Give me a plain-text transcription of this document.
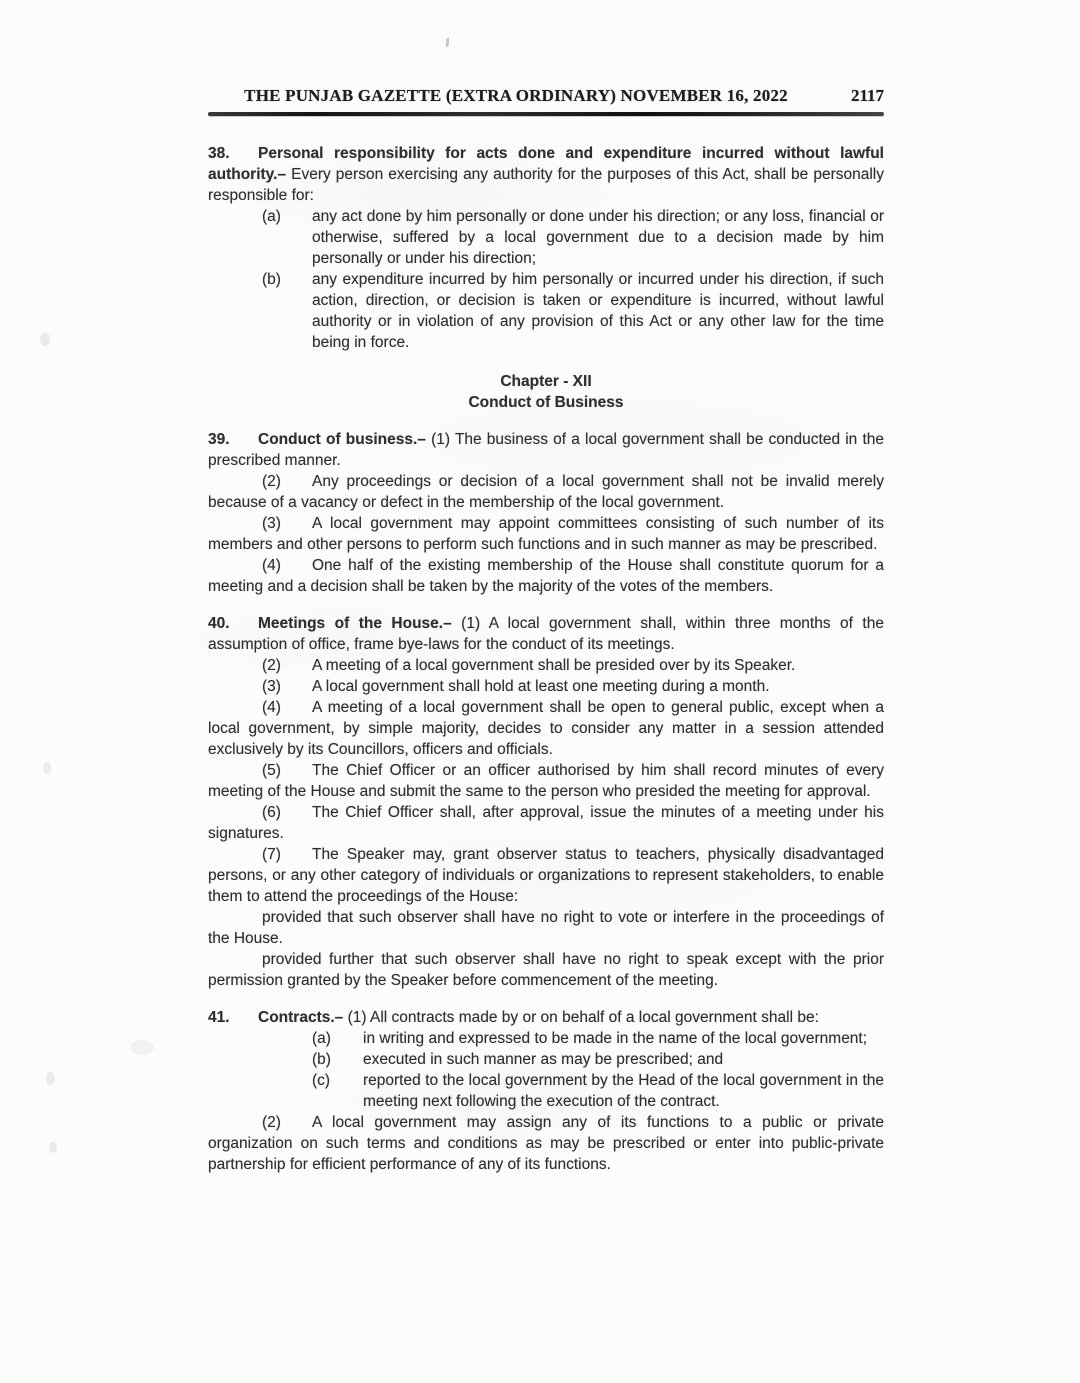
THE PUNJAB GAZETTE (EXTRA ORDINARY) NOVEMBER 16, 2022	2117

38. Personal responsibility for acts done and expenditure incurred without lawful authority.– Every person exercising any authority for the purposes of this Act, shall be personally responsible for:

(a) any act done by him personally or done under his direction; or any loss, financial or otherwise, suffered by a local government due to a decision made by him personally or under his direction;

(b) any expenditure incurred by him personally or incurred under his direction, if such action, direction, or decision is taken or expenditure is incurred, without lawful authority or in violation of any provision of this Act or any other law for the time being in force.

Chapter - XII

Conduct of Business

39. Conduct of business.– (1) The business of a local government shall be conducted in the prescribed manner.

(2) Any proceedings or decision of a local government shall not be invalid merely because of a vacancy or defect in the membership of the local government.

(3) A local government may appoint committees consisting of such number of its members and other persons to perform such functions and in such manner as may be prescribed.

(4) One half of the existing membership of the House shall constitute quorum for a meeting and a decision shall be taken by the majority of the votes of the members.

40. Meetings of the House.– (1) A local government shall, within three months of the assumption of office, frame bye-laws for the conduct of its meetings.

(2) A meeting of a local government shall be presided over by its Speaker.

(3) A local government shall hold at least one meeting during a month.

(4) A meeting of a local government shall be open to general public, except when a local government, by simple majority, decides to consider any matter in a session attended exclusively by its Councillors, officers and officials.

(5) The Chief Officer or an officer authorised by him shall record minutes of every meeting of the House and submit the same to the person who presided the meeting for approval.

(6) The Chief Officer shall, after approval, issue the minutes of a meeting under his signatures.

(7) The Speaker may, grant observer status to teachers, physically disadvantaged persons, or any other category of individuals or organizations to represent stakeholders, to enable them to attend the proceedings of the House:

provided that such observer shall have no right to vote or interfere in the proceedings of the House.

provided further that such observer shall have no right to speak except with the prior permission granted by the Speaker before commencement of the meeting.

41. Contracts.– (1) All contracts made by or on behalf of a local government shall be:

(a) in writing and expressed to be made in the name of the local government;

(b) executed in such manner as may be prescribed; and

(c) reported to the local government by the Head of the local government in the meeting next following the execution of the contract.

(2) A local government may assign any of its functions to a public or private organization on such terms and conditions as may be prescribed or enter into public-private partnership for efficient performance of any of its functions.
